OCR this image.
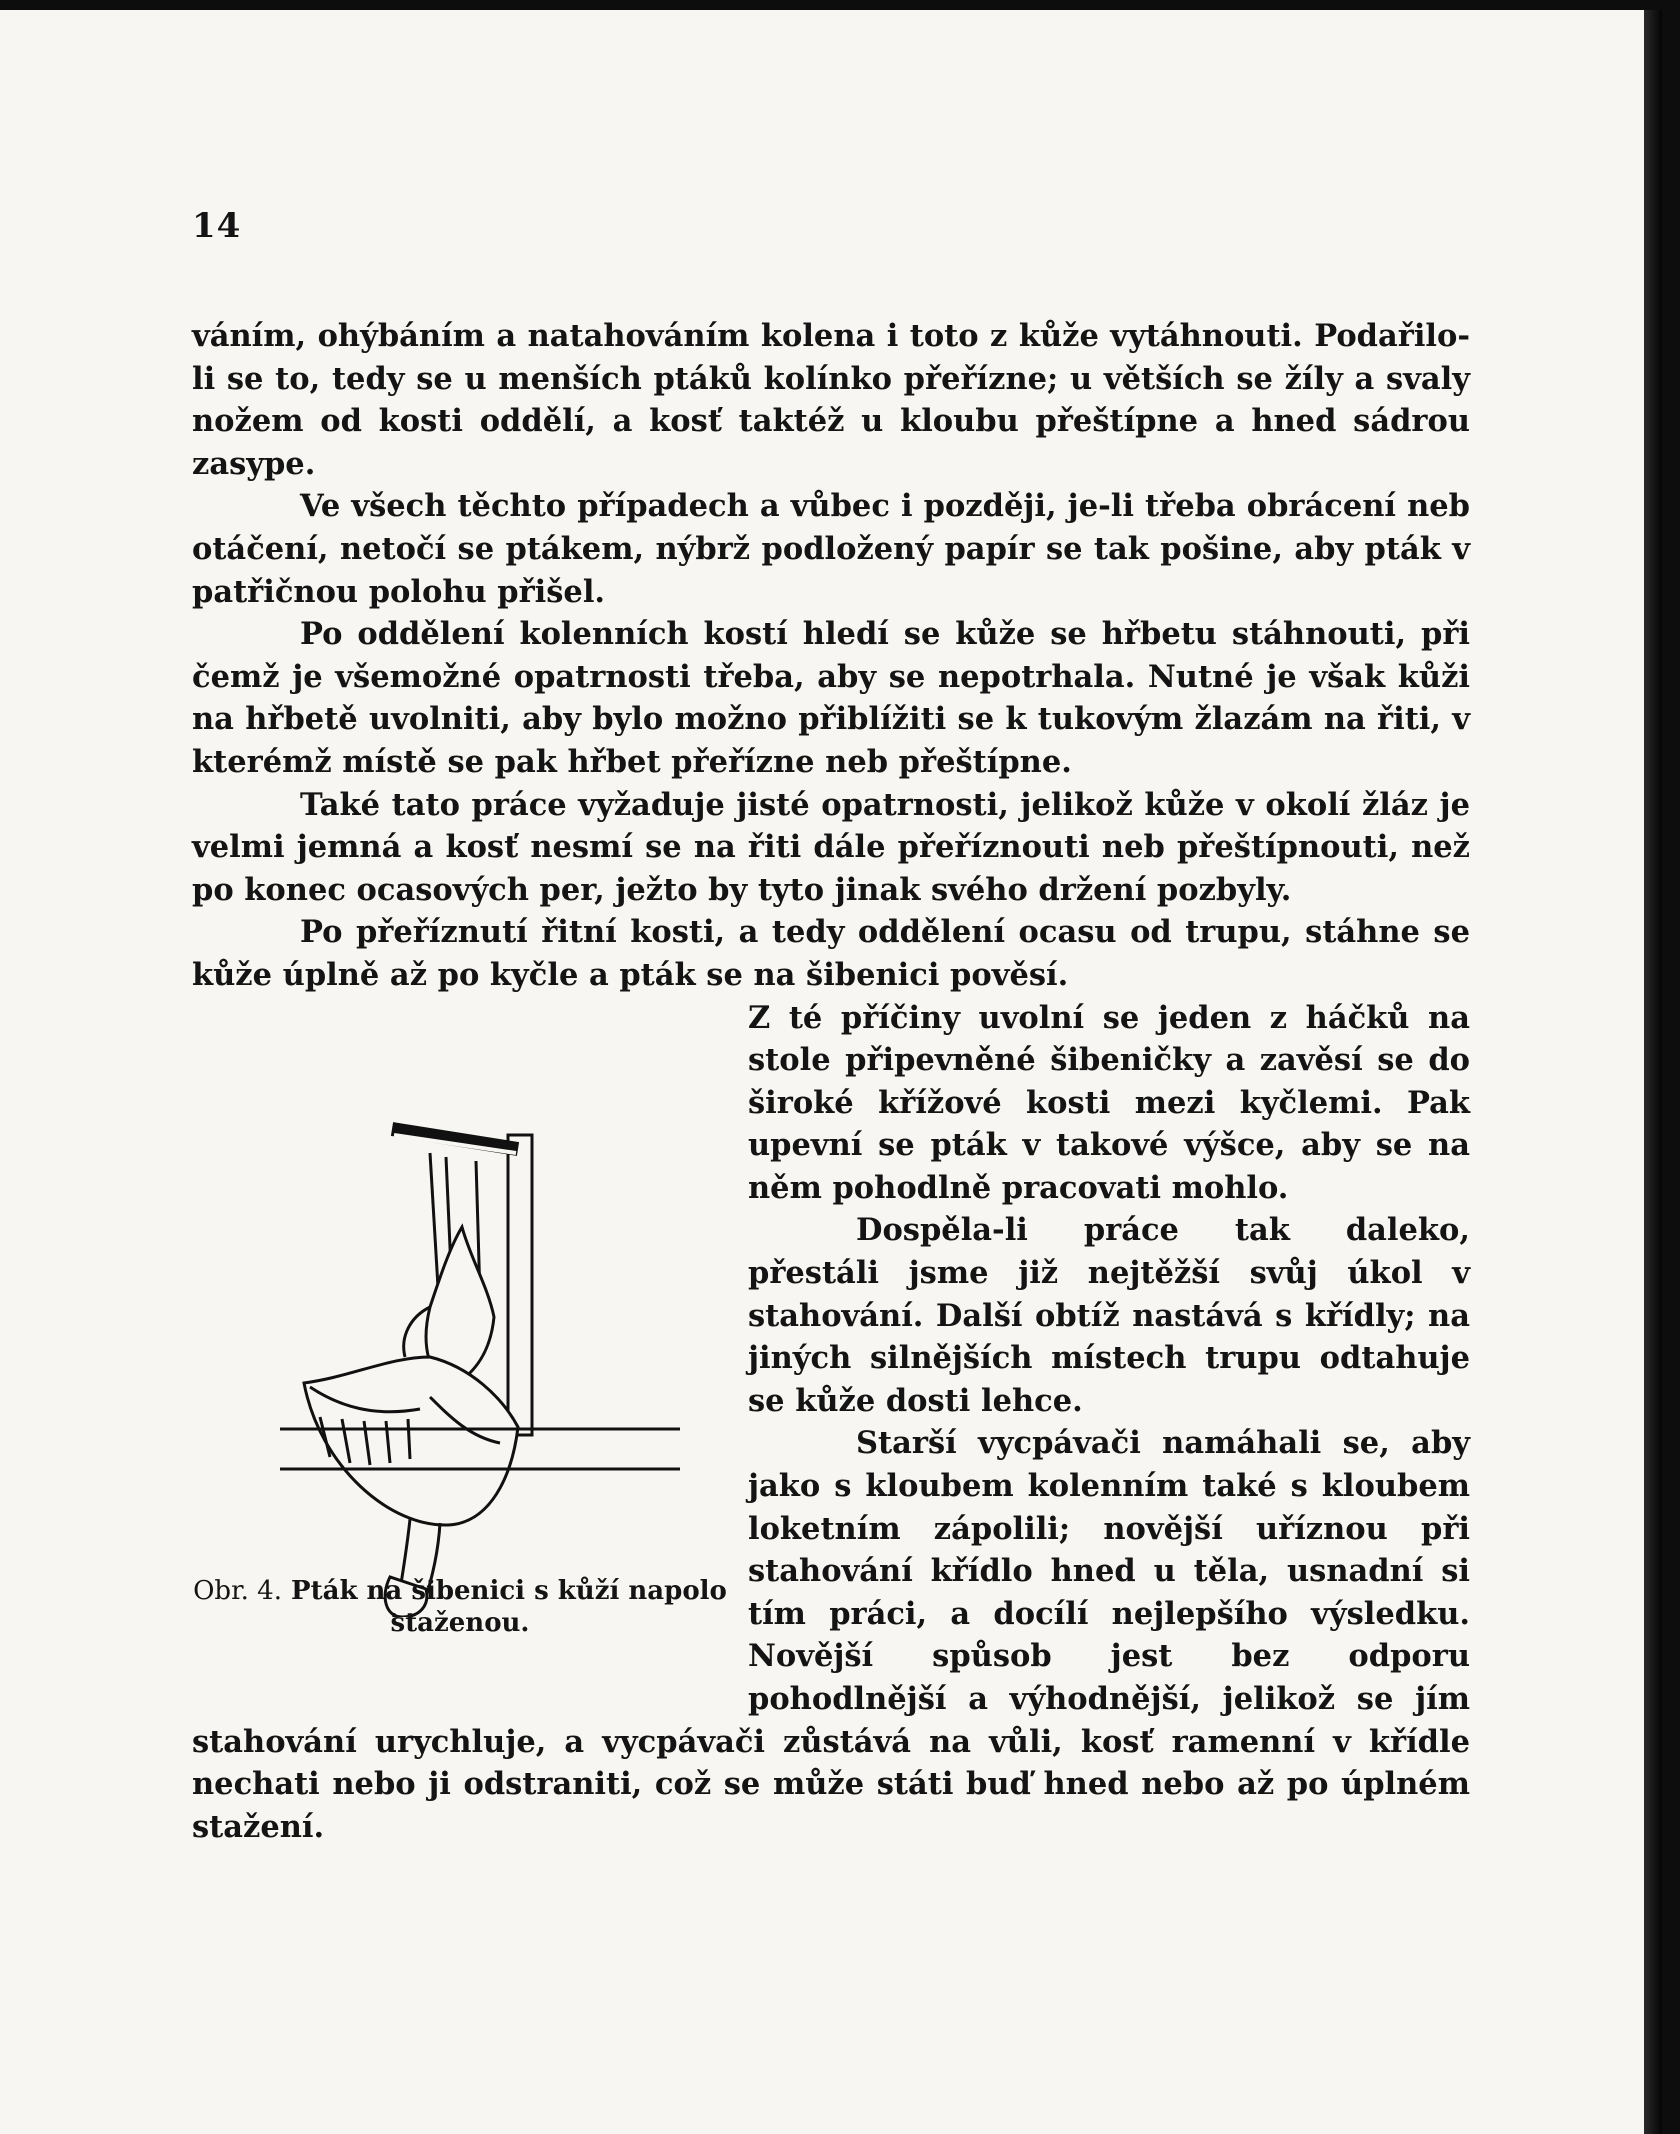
14

váním, ohýbáním a natahováním kolena i toto z kůže vytáhnouti. Podařilo-li se to, tedy se u menších ptáků kolínko přeřízne; u větších se žíly a svaly nožem od kosti oddělí, a kosť taktéž u kloubu přeštípne a hned sádrou zasype.

Ve všech těchto případech a vůbec i později, je-li třeba obrácení neb otáčení, netočí se ptákem, nýbrž podložený papír se tak pošine, aby pták v patřičnou polohu přišel.

Po oddělení kolenních kostí hledí se kůže se hřbetu stáhnouti, při čemž je všemožné opatrnosti třeba, aby se nepotrhala. Nutné je však kůži na hřbetě uvolniti, aby bylo možno přiblížiti se k tukovým žlazám na řiti, v kterémž místě se pak hřbet přeřízne neb přeštípne.

Také tato práce vyžaduje jisté opatrnosti, jelikož kůže v okolí žláz je velmi jemná a kosť nesmí se na řiti dále přeříznouti neb přeštípnouti, než po konec ocasových per, ježto by tyto jinak svého držení pozbyly.

Po přeříznutí řitní kosti, a tedy oddělení ocasu od trupu, stáhne se kůže úplně až po kyčle a pták se na šibenici pověsí.

Obr. 4. Pták na šibenici s kůží napolo staženou.

Z té příčiny uvolní se jeden z háčků na stole připevněné šibeničky a zavěsí se do široké křížové kosti mezi kyčlemi. Pak upevní se pták v takové výšce, aby se na něm pohodlně pracovati mohlo.

Dospěla-li práce tak daleko, přestáli jsme již nejtěžší svůj úkol v stahování. Další obtíž nastává s křídly; na jiných silnějších místech trupu odtahuje se kůže dosti lehce.

Starší vycpávači namáhali se, aby jako s kloubem kolenním také s kloubem loketním zápolili; novější uříznou při stahování křídlo hned u těla, usnadní si tím práci, a docílí nejlepšího výsledku. Novější spůsob jest bez odporu pohodlnější a výhodnější, jelikož se jím stahování urychluje, a vycpávači zůstává na vůli, kosť ramenní v křídle nechati nebo ji odstraniti, což se může státi buď hned nebo až po úplném stažení.
